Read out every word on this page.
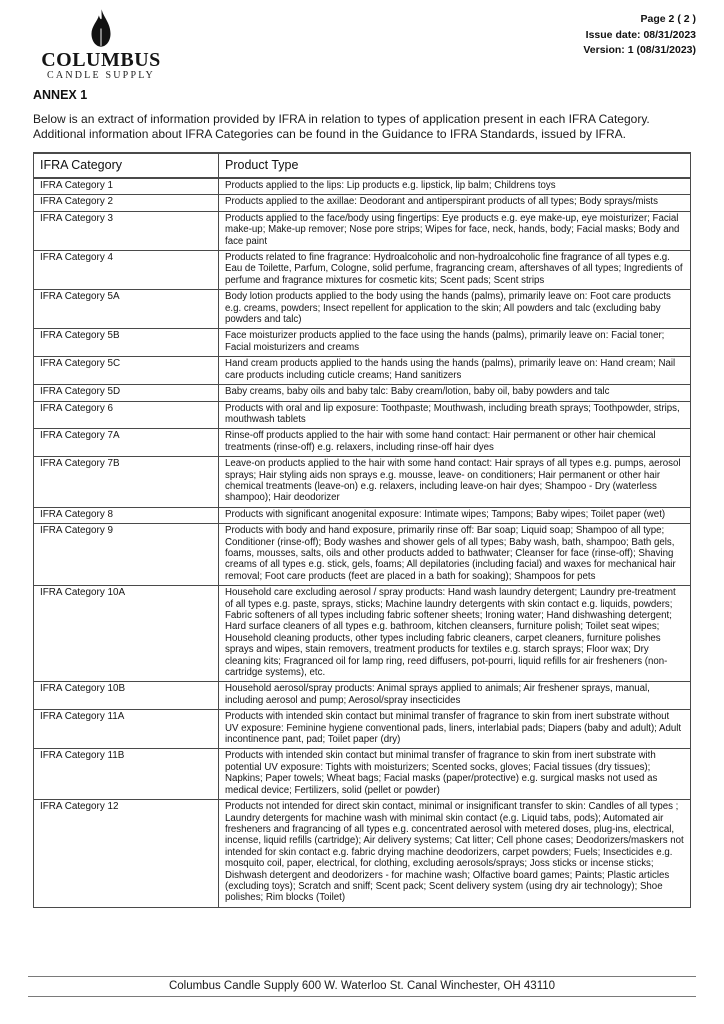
COLUMBUS
CANDLE SUPPLY
Page 2 ( 2 )
Issue date: 08/31/2023
Version: 1 (08/31/2023)
ANNEX 1
Below is an extract of information provided by IFRA in relation to types of application present in each IFRA Category. Additional information about IFRA Categories can be found in the Guidance to IFRA Standards, issued by IFRA.
IFRA Category	Product Type
IFRA Category 1	Products applied to the lips: Lip products e.g. lipstick, lip balm; Childrens toys
IFRA Category 2	Products applied to the axillae: Deodorant and antiperspirant products of all types; Body sprays/mists
IFRA Category 3	Products applied to the face/body using fingertips: Eye products e.g. eye make-up, eye moisturizer; Facial make-up; Make-up remover; Nose pore strips; Wipes for face, neck, hands, body; Facial masks; Body and face paint
IFRA Category 4	Products related to fine fragrance: Hydroalcoholic and non-hydroalcoholic fine fragrance of all types e.g. Eau de Toilette, Parfum, Cologne, solid perfume, fragrancing cream, aftershaves of all types; Ingredients of perfume and fragrance mixtures for cosmetic kits; Scent pads; Scent strips
IFRA Category 5A	Body lotion products applied to the body using the hands (palms), primarily leave on: Foot care products e.g. creams, powders; Insect repellent for application to the skin; All powders and talc (excluding baby powders and talc)
IFRA Category 5B	Face moisturizer products applied to the face using the hands (palms), primarily leave on: Facial toner; Facial moisturizers and creams
IFRA Category 5C	Hand cream products applied to the hands using the hands (palms), primarily leave on: Hand cream; Nail care products including cuticle creams; Hand sanitizers
IFRA Category 5D	Baby creams, baby oils and baby talc: Baby cream/lotion, baby oil, baby powders and talc
IFRA Category 6	Products with oral and lip exposure: Toothpaste; Mouthwash, including breath sprays; Toothpowder, strips, mouthwash tablets
IFRA Category 7A	Rinse-off products applied to the hair with some hand contact: Hair permanent or other hair chemical treatments (rinse-off) e.g. relaxers, including rinse-off hair dyes
IFRA Category 7B	Leave-on products applied to the hair with some hand contact: Hair sprays of all types e.g. pumps, aerosol sprays; Hair styling aids non sprays e.g. mousse, leave- on conditioners; Hair permanent or other hair chemical treatments (leave-on) e.g. relaxers, including leave-on hair dyes; Shampoo - Dry (waterless shampoo); Hair deodorizer
IFRA Category 8	Products with significant anogenital exposure: Intimate wipes; Tampons; Baby wipes; Toilet paper (wet)
IFRA Category 9	Products with body and hand exposure, primarily rinse off: Bar soap; Liquid soap; Shampoo of all type; Conditioner (rinse-off); Body washes and shower gels of all types; Baby wash, bath, shampoo; Bath gels, foams, mousses, salts, oils and other products added to bathwater; Cleanser for face (rinse-off); Shaving creams of all types e.g. stick, gels, foams; All depilatories (including facial) and waxes for mechanical hair removal; Foot care products (feet are placed in a bath for soaking); Shampoos for pets
IFRA Category 10A	Household care excluding aerosol / spray products: Hand wash laundry detergent; Laundry pre-treatment of all types e.g. paste, sprays, sticks; Machine laundry detergents with skin contact e.g. liquids, powders; Fabric softeners of all types including fabric softener sheets; Ironing water; Hand dishwashing detergent; Hard surface cleaners of all types e.g. bathroom, kitchen cleansers, furniture polish; Toilet seat wipes; Household cleaning products, other types including fabric cleaners, carpet cleaners, furniture polishes sprays and wipes, stain removers, treatment products for textiles e.g. starch sprays; Floor wax; Dry cleaning kits; Fragranced oil for lamp ring, reed diffusers, pot-pourri, liquid refills for air fresheners (non-cartridge systems), etc.
IFRA Category 10B	Household aerosol/spray products: Animal sprays applied to animals; Air freshener sprays, manual, including aerosol and pump; Aerosol/spray insecticides
IFRA Category 11A	Products with intended skin contact but minimal transfer of fragrance to skin from inert substrate without UV exposure: Feminine hygiene conventional pads, liners, interlabial pads; Diapers (baby and adult); Adult incontinence pant, pad; Toilet paper (dry)
IFRA Category 11B	Products with intended skin contact but minimal transfer of fragrance to skin from inert substrate with potential UV exposure: Tights with moisturizers; Scented socks, gloves; Facial tissues (dry tissues); Napkins; Paper towels; Wheat bags; Facial masks (paper/protective) e.g. surgical masks not used as medical device; Fertilizers, solid (pellet or powder)
IFRA Category 12	Products not intended for direct skin contact, minimal or insignificant transfer to skin: Candles of all types ; Laundry detergents for machine wash with minimal skin contact (e.g. Liquid tabs, pods); Automated air fresheners and fragrancing of all types e.g. concentrated aerosol with metered doses, plug-ins, electrical, incense, liquid refills (cartridge); Air delivery systems; Cat litter; Cell phone cases; Deodorizers/maskers not intended for skin contact e.g. fabric drying machine deodorizers, carpet powders; Fuels; Insecticides e.g. mosquito coil, paper, electrical, for clothing, excluding aerosols/sprays; Joss sticks or incense sticks; Dishwash detergent and deodorizers - for machine wash; Olfactive board games; Paints; Plastic articles (excluding toys); Scratch and sniff; Scent pack; Scent delivery system (using dry air technology); Shoe polishes; Rim blocks (Toilet)
Columbus Candle Supply 600 W. Waterloo St. Canal Winchester, OH 43110
